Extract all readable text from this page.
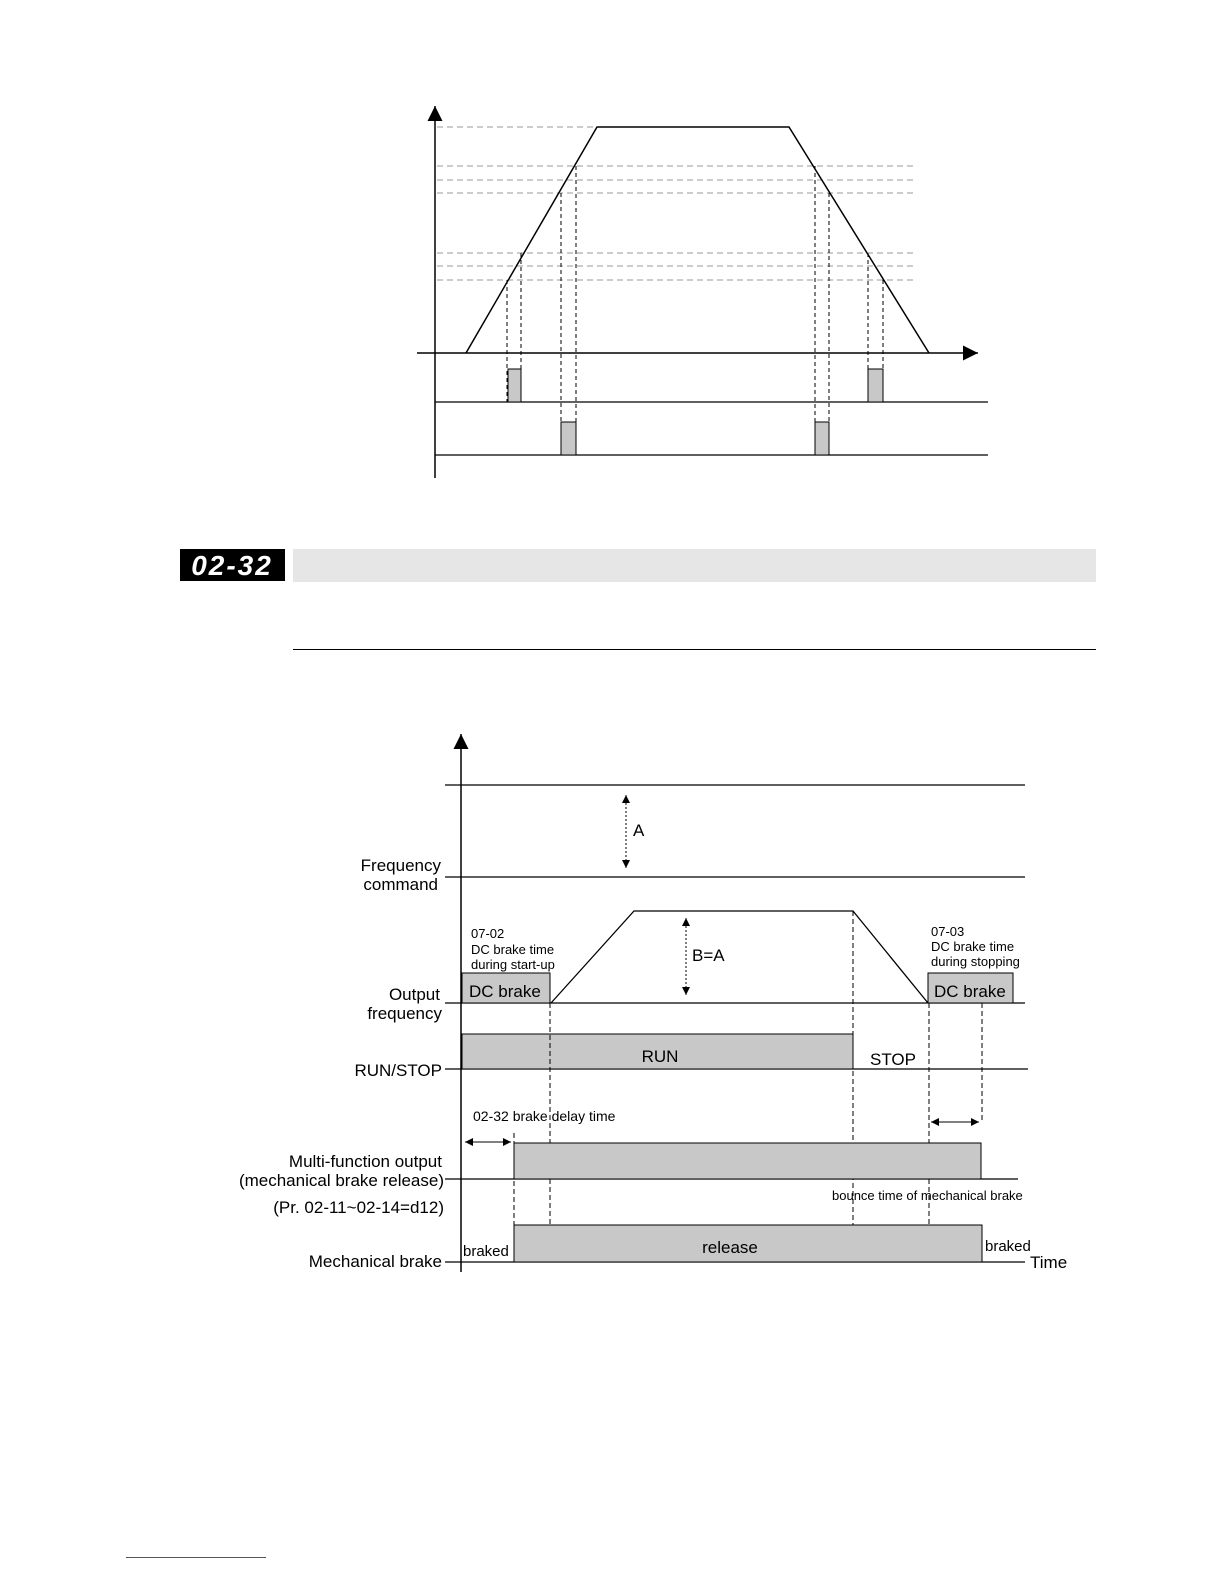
02-32
A
B=A
DC brake	DC brake
07-02
DC brake time
during start-up
07-03
DC brake time
during stopping
RUN	STOP
02-32 brake delay time
bounce time of mechanical brake
release
braked	braked
Time
Frequency
command
Output
frequency
RUN/STOP
Multi-function output
(mechanical brake release)
(Pr. 02-11~02-14=d12)
Mechanical brake
